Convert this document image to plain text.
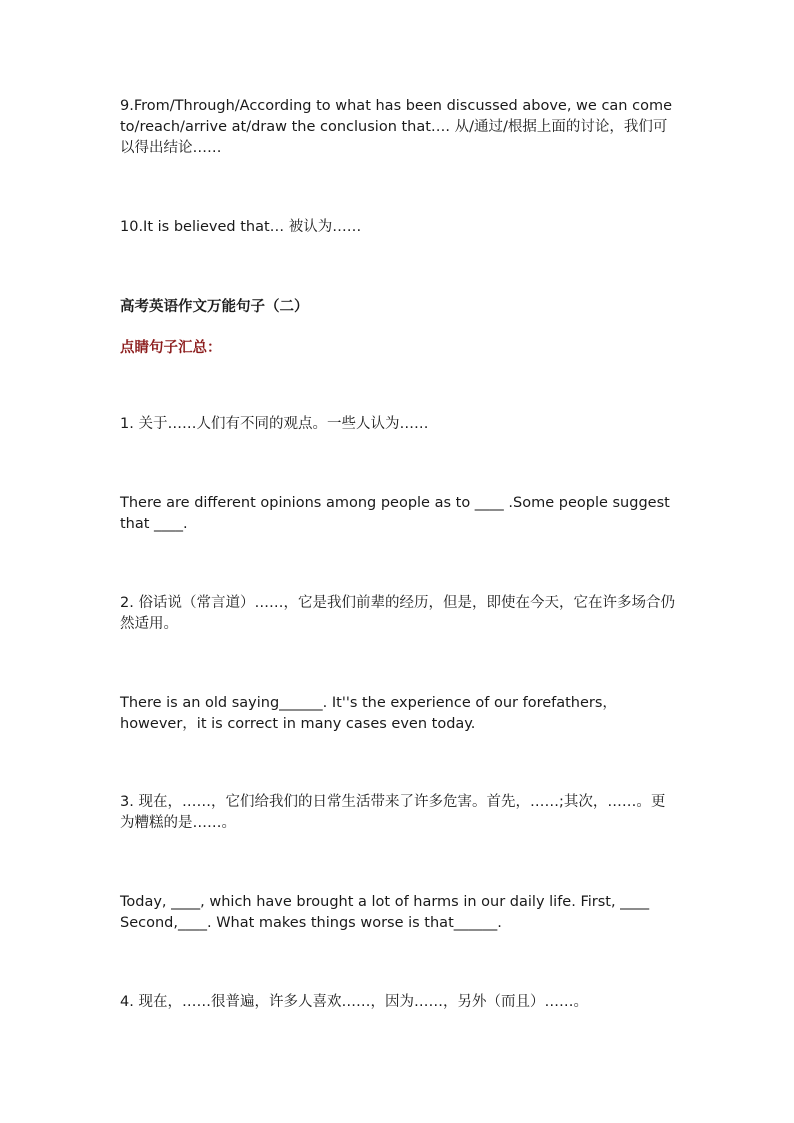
9.From/Through/According to what has been discussed above, we can come to/reach/arrive at/draw the conclusion that…. 从/通过/根据上面的讨论，我们可以得出结论……

10.It is believed that… 被认为……

高考英语作文万能句子（二）
点睛句子汇总：

1. 关于……人们有不同的观点。一些人认为……

There are different opinions among people as to ____ .Some people suggest that ____.

2. 俗话说（常言道）……，它是我们前辈的经历，但是，即使在今天，它在许多场合仍然适用。

There is an old saying______. It''s the experience of our forefathers，however，it is correct in many cases even today.

3. 现在，……，它们给我们的日常生活带来了许多危害。首先，……;其次，……。更为糟糕的是……。

Today, ____, which have brought a lot of harms in our daily life. First, ____ Second,____. What makes things worse is that______.

4. 现在，……很普遍，许多人喜欢……，因为……，另外（而且）……。
